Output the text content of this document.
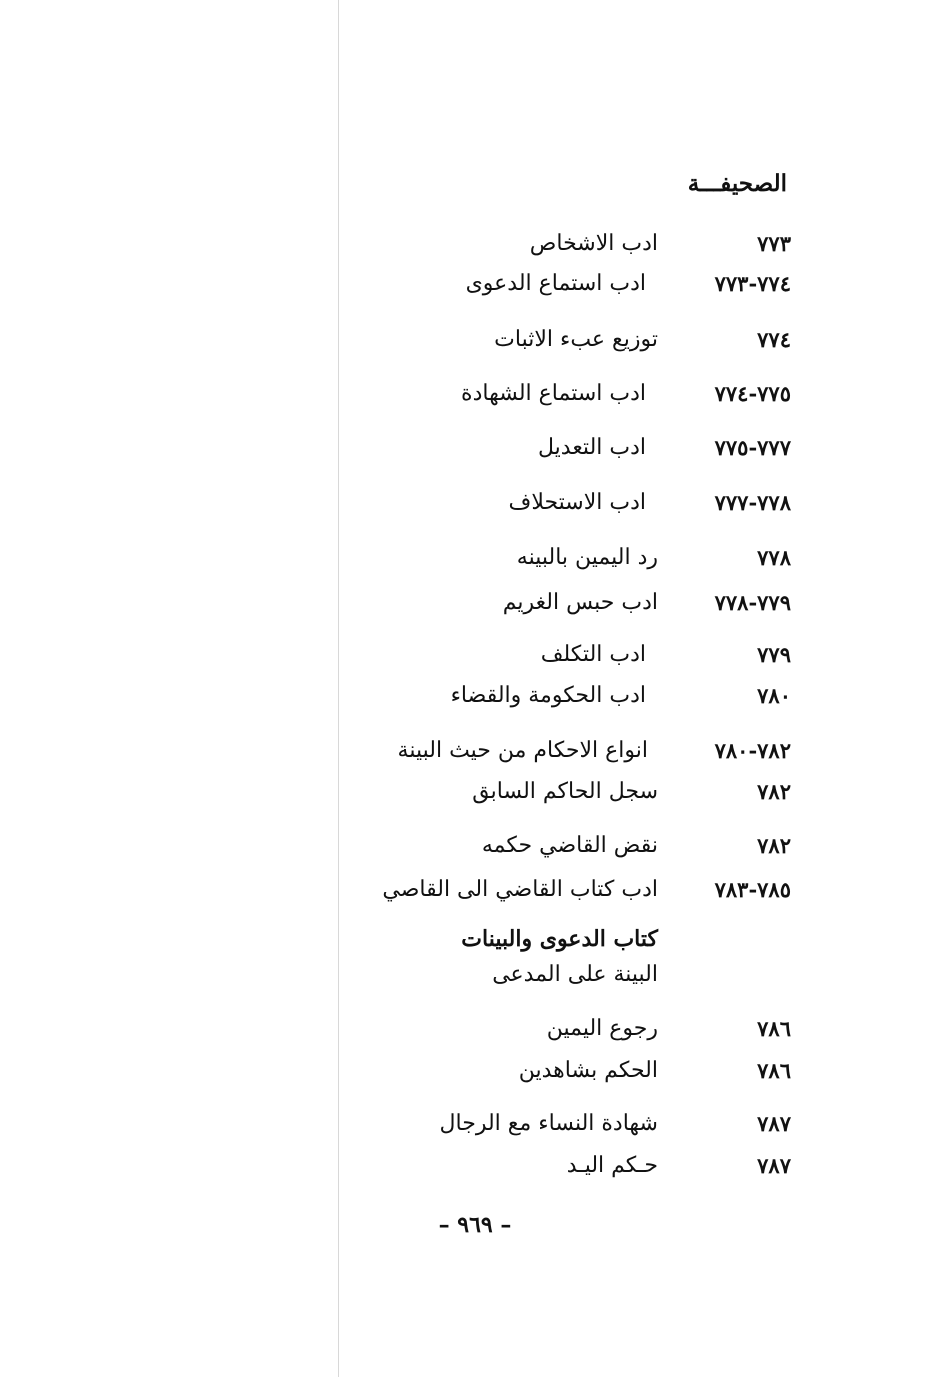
الصحيفـــة
٧٧٣
ادب الاشخاص
٧٧٤-٧٧٣
ادب استماع الدعوى
٧٧٤
توزيع عبء الاثبات
٧٧٥-٧٧٤
ادب استماع الشهادة
٧٧٧-٧٧٥
ادب التعديل
٧٧٨-٧٧٧
ادب الاستحلاف
٧٧٨
رد اليمين بالبينه
٧٧٩-٧٧٨
ادب حبس الغريم
٧٧٩
ادب التكلف
٧٨٠
ادب الحكومة والقضاء
٧٨٢-٧٨٠
انواع الاحكام من حيث البينة
٧٨٢
سجل الحاكم السابق
٧٨٢
نقض القاضي حكمه
٧٨٥-٧٨٣
ادب كتاب القاضي الى القاصي
كتاب الدعوى والبينات
البينة على المدعى
٧٨٦
رجوع اليمين
٧٨٦
الحكم بشاهدين
٧٨٧
شهادة النساء مع الرجال
٧٨٧
حـكم اليـد
– ٩٦٩ –
